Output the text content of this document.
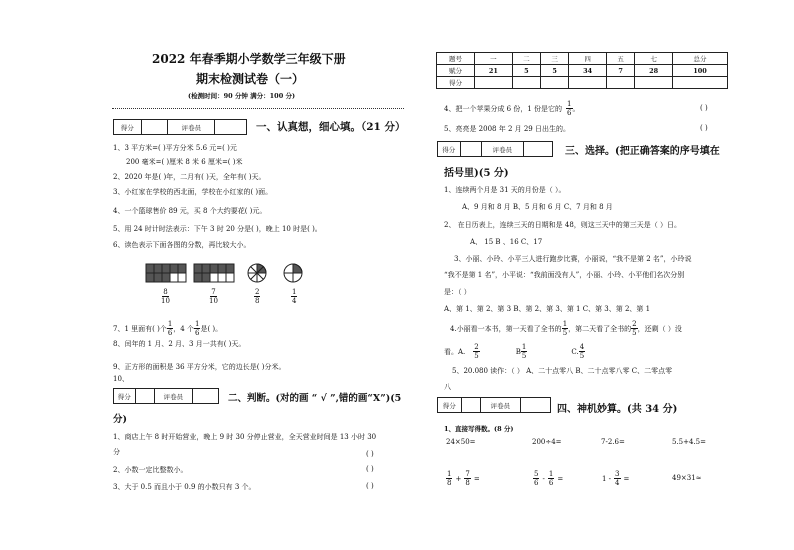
2022 年春季期小学数学三年级下册
期末检测试卷（一）
(检测时间：90 分钟 满分：100 分)
得分	评卷员	一、认真想，细心填。（21 分）
1、3 平方米=( )平方分米 5.6 元=( )元
200 毫米=( )厘米 8 米 6 厘米=( )米
2、2020 年是( )年，二月有( )天，全年有( )天。
3、小红家在学校的西北面，学校在小红家的( )面。
4、一个篮球售价 89 元，买 8 个大约要花( )元。
5、用 24 时计时法表示：下午 3 时 20 分是( )，晚上 10 时是( )。
6、读色表示下面各图的分数，再比较大小。
$\frac{8}{10}$	$\frac{7}{10}$	$\frac{2}{8}$	$\frac{1}{4}$
7、1 里面有( )个 $\frac{1}{6}$ ，4 个 $\frac{1}{6}$ 是( )。
8、闰年的 1 月、2 月、3 月一共有( )天。
9、正方形的面积是 36 平方分米，它的边长是( )分米。
10、
得分	评卷员	二、判断。(对的画 “ √ ”,错的画“X”)(5
分)
1、商店上午 8 时开始营业，晚上 9 时 30 分停止营业，全天营业时间是 13 小时 30
分	( )
2、小数一定比整数小。	( )
3、大于 0.5 而且小于 0.9 的小数只有 3 个。	( )
题号	一	二	三	四	五	七	总分
赋分	21	5	5	34	7	28	100
得分							
4、把一个苹果分成 6 份，1 份是它的 $\frac{1}{6}$ 。	( )
5、亮亮是 2008 年 2 月 29 日出生的。	( )
得分	评卷员	三、选择。(把正确答案的序号填在
括号里)(5 分)
1、连续两个月是 31 天的月份是（ ）。
A、9 月和 8 月 B、5 月和 6 月 C、7 月和 8 月
2、 在日历表上，连续三天的日期和是 48，则这三天中的第三天是（ ）日。
A、 15 B 、16 C、17
3、小丽、小玲、小平三人进行跑步比赛，小丽说，“我不是第 2 名”，小玲说
“我不是第 1 名”，小平说：“我前面没有人”，小丽、小玲、小平他们名次分别
是：（ ）
A、第 1、第 2、第 3 B、第 2、第 3、第 1 C、第 3、第 2、第 1
4.小丽看一本书，第一天看了全书的 $\frac{1}{5}$ ，第二天看了全书的 $\frac{2}{5}$ ，还剩（ ）没
看。A. $\frac{2}{5}$	B $\frac{1}{5}$	C. $\frac{4}{5}$
5、20.080 读作：（ ） A、二十点零八 B、二十点零八零 C、二零点零
八
得分	评卷员	四、神机妙算。(共 34 分)
1、直接写得数。(8 分)
24×50=	200÷4=	7-2.6=	5.5+4.5=
$\frac{1}{8} + \frac{7}{8}$ =	$\frac{5}{6} - \frac{1}{6}$ =	$1 - \frac{3}{4}$ =	49×31≈
